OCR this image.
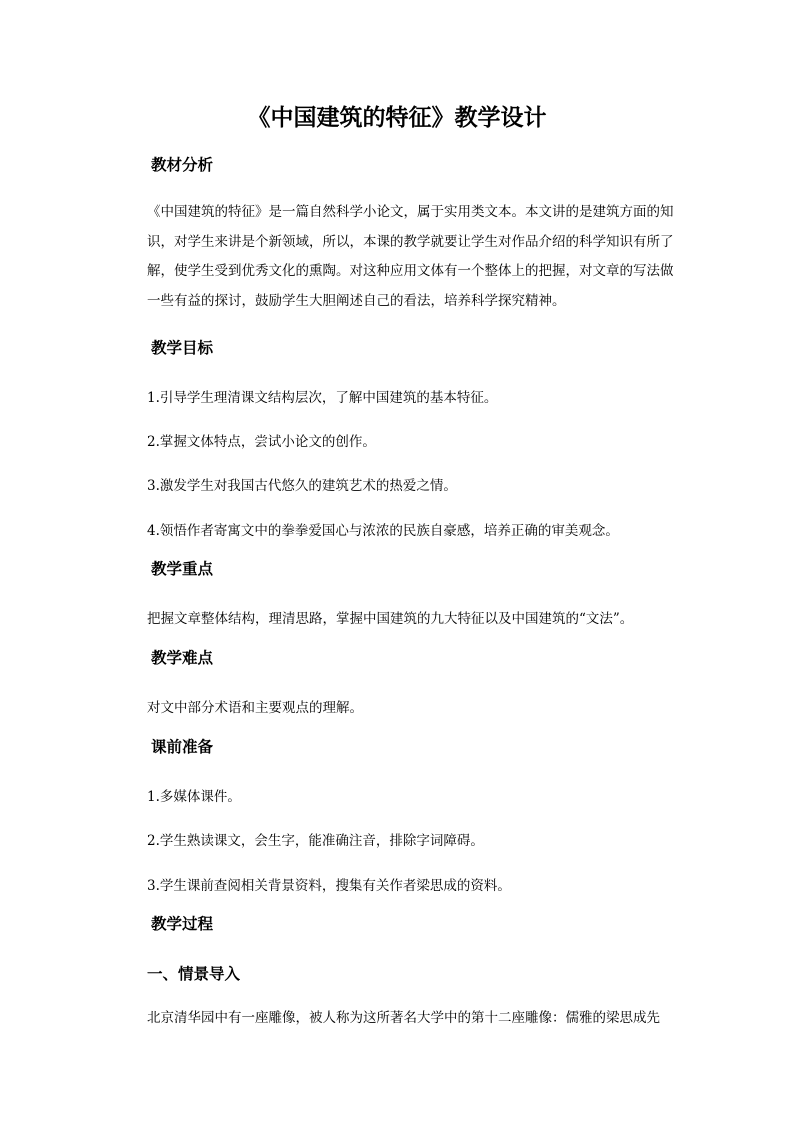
《中国建筑的特征》教学设计
教材分析
《中国建筑的特征》是一篇自然科学小论文，属于实用类文本。本文讲的是建筑方面的知识，对学生来讲是个新领域，所以，本课的教学就要让学生对作品介绍的科学知识有所了解，使学生受到优秀文化的熏陶。对这种应用文体有一个整体上的把握，对文章的写法做一些有益的探讨，鼓励学生大胆阐述自己的看法，培养科学探究精神。
教学目标
1.引导学生理清课文结构层次，了解中国建筑的基本特征。
2.掌握文体特点，尝试小论文的创作。
3.激发学生对我国古代悠久的建筑艺术的热爱之情。
4.领悟作者寄寓文中的拳拳爱国心与浓浓的民族自豪感，培养正确的审美观念。
教学重点
把握文章整体结构，理清思路，掌握中国建筑的九大特征以及中国建筑的“文法”。
教学难点
对文中部分术语和主要观点的理解。
课前准备
1.多媒体课件。
2.学生熟读课文，会生字，能准确注音，排除字词障碍。
3.学生课前查阅相关背景资料，搜集有关作者梁思成的资料。
教学过程
一、情景导入
北京清华园中有一座雕像，被人称为这所著名大学中的第十二座雕像：儒雅的梁思成先
